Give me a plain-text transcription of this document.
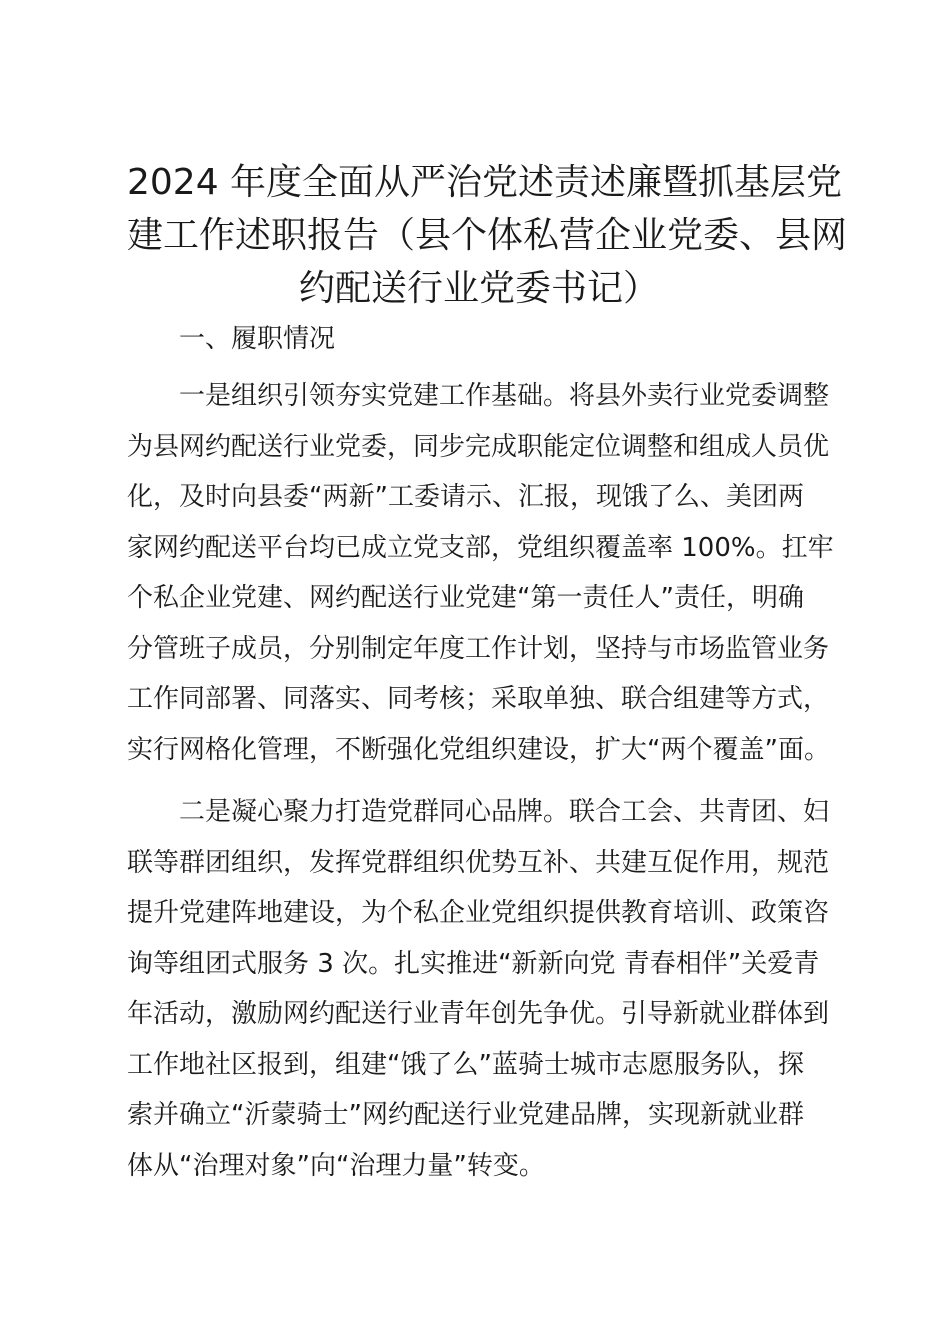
2024 年度全面从严治党述责述廉暨抓基层党
建工作述职报告（县个体私营企业党委、县网
约配送行业党委书记）

一、履职情况

一是组织引领夯实党建工作基础。将县外卖行业党委调整
为县网约配送行业党委，同步完成职能定位调整和组成人员优
化，及时向县委“两新”工委请示、汇报，现饿了么、美团两
家网约配送平台均已成立党支部，党组织覆盖率 100%。扛牢
个私企业党建、网约配送行业党建“第一责任人”责任，明确
分管班子成员，分别制定年度工作计划，坚持与市场监管业务
工作同部署、同落实、同考核；采取单独、联合组建等方式，
实行网格化管理，不断强化党组织建设，扩大“两个覆盖”面。

二是凝心聚力打造党群同心品牌。联合工会、共青团、妇
联等群团组织，发挥党群组织优势互补、共建互促作用，规范
提升党建阵地建设，为个私企业党组织提供教育培训、政策咨
询等组团式服务 3 次。扎实推进“新新向党 青春相伴”关爱青
年活动，激励网约配送行业青年创先争优。引导新就业群体到
工作地社区报到，组建“饿了么”蓝骑士城市志愿服务队，探
索并确立“沂蒙骑士”网约配送行业党建品牌，实现新就业群
体从“治理对象”向“治理力量”转变。
